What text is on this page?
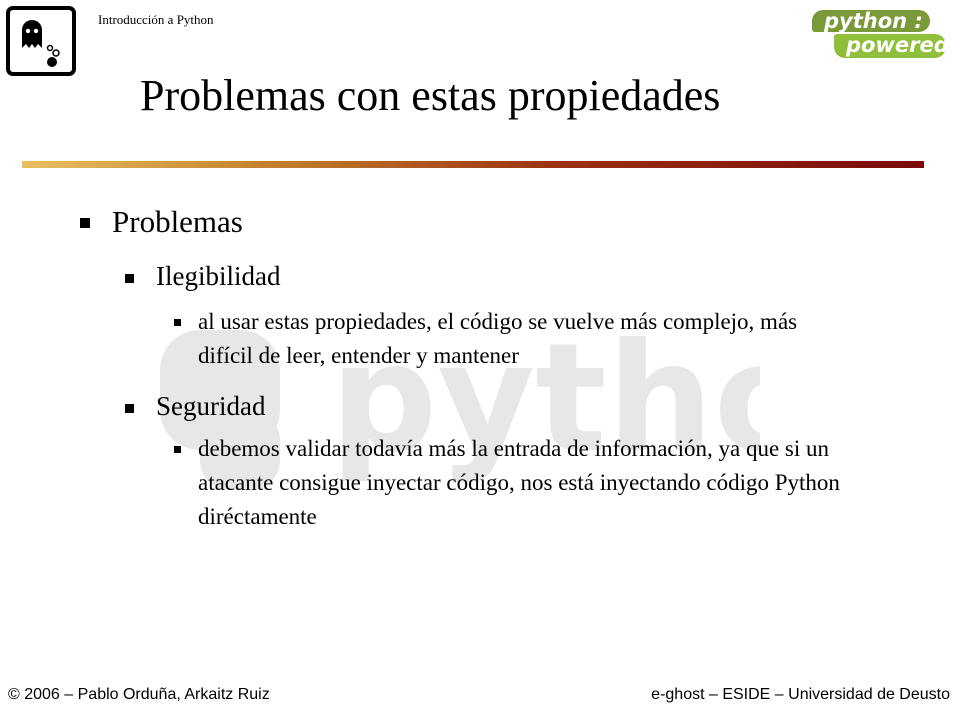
pyth
Introducción a Python	python :
powered
Problemas con estas propiedades
Problemas
Ilegibilidad
al usar estas propiedades, el código se vuelve más complejo, más difícil de leer, entender y mantener
Seguridad
debemos validar todavía más la entrada de información, ya que si un atacante consigue inyectar código, nos está inyectando código Python diréctamente
© 2006 – Pablo Orduña, Arkaitz Ruiz	e-ghost – ESIDE – Universidad de Deusto
